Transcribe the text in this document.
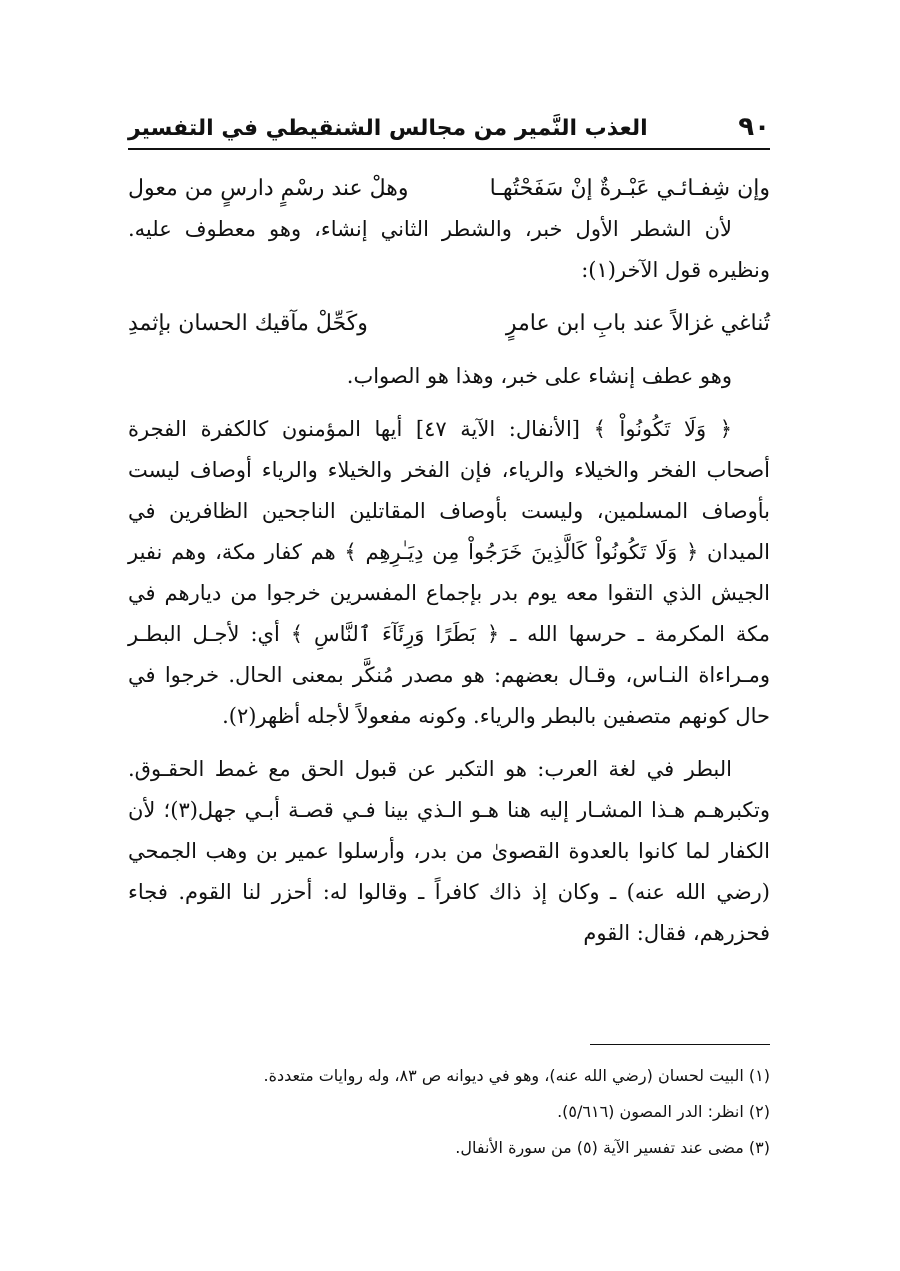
٩٠
العذب النَّمير من مجالس الشنقيطي في التفسير
وإن شِفـائـي عَبْـرةٌ إنْ سَفَحْتُهـا
وهلْ عند رسْمٍ دارسٍ من معول

لأن الشطر الأول خبر، والشطر الثاني إنشاء، وهو معطوف عليه. ونظيره قول الآخر(١):

تُناغي غزالاً عند بابِ ابن عامرٍ
وكَحِّلْ مآقيك الحسان بإثمدِ

وهو عطف إنشاء على خبر، وهذا هو الصواب.

﴿ وَلَا تَكُونُواْ ﴾ [الأنفال: الآية ٤٧] أيها المؤمنون كالكفرة الفجرة أصحاب الفخر والخيلاء والرياء، فإن الفخر والخيلاء والرياء أوصاف ليست بأوصاف المسلمين، وليست بأوصاف المقاتلين الناجحين الظافرين في الميدان ﴿ وَلَا تَكُونُواْ كَالَّذِينَ خَرَجُواْ مِن دِيَـٰرِهِم ﴾ هم كفار مكة، وهم نفير الجيش الذي التقوا معه يوم بدر بإجماع المفسرين خرجوا من ديارهم في مكة المكرمة ـ حرسها الله ـ ﴿ بَطَرًا وَرِئَآءَ ٱلنَّاسِ ﴾ أي: لأجـل البطـر ومـراءاة النـاس، وقـال بعضهم: هو مصدر مُنكَّر بمعنى الحال. خرجوا في حال كونهم متصفين بالبطر والرياء. وكونه مفعولاً لأجله أظهر(٢).

البطر في لغة العرب: هو التكبر عن قبول الحق مع غمط الحقـوق. وتكبرهـم هـذا المشـار إليه هنا هـو الـذي بينا فـي قصـة أبـي جهل(٣)؛ لأن الكفار لما كانوا بالعدوة القصوىٰ من بدر، وأرسلوا عمير بن وهب الجمحي (رضي الله عنه) ـ وكان إذ ذاك كافراً ـ وقالوا له: أحزر لنا القوم. فجاء فحزرهم، فقال: القوم

(١) البيت لحسان (رضي الله عنه)، وهو في ديوانه ص ٨٣، وله روايات متعددة.
(٢) انظر: الدر المصون (٥/٦١٦).
(٣) مضى عند تفسير الآية (٥) من سورة الأنفال.
